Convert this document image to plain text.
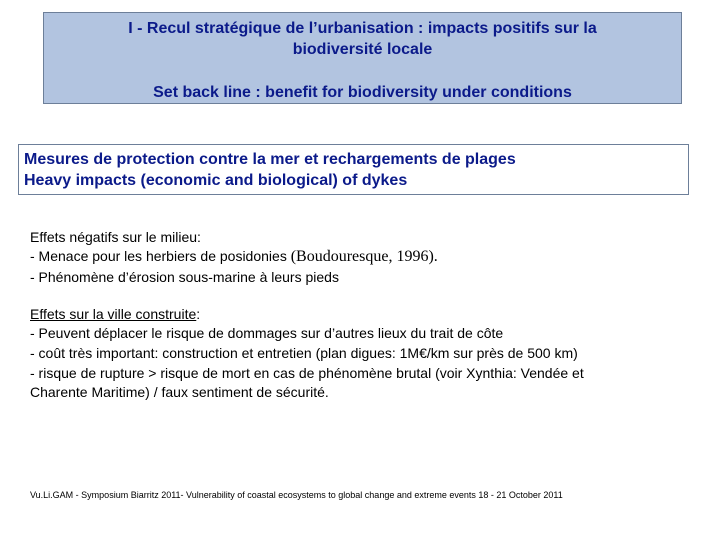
I - Recul stratégique de l’urbanisation : impacts positifs sur la
biodiversité locale
Set back line : benefit for biodiversity under conditions
Mesures de protection contre la mer et rechargements de plages
Heavy impacts (economic and biological) of dykes
Effets négatifs sur le milieu:
- Menace pour les herbiers de posidonies (Boudouresque, 1996).
- Phénomène d’érosion sous-marine à leurs pieds
Effets sur la ville construite:
- Peuvent déplacer le risque de dommages sur d’autres lieux du trait de côte
- coût très important: construction et entretien (plan digues: 1M€/km sur près de 500 km)
- risque de rupture > risque de mort en cas de phénomène brutal (voir Xynthia: Vendée et
Charente Maritime) / faux sentiment de sécurité.
Vu.Li.GAM - Symposium Biarritz 2011- Vulnerability of coastal ecosystems to global change and extreme events 18 - 21 October 2011
